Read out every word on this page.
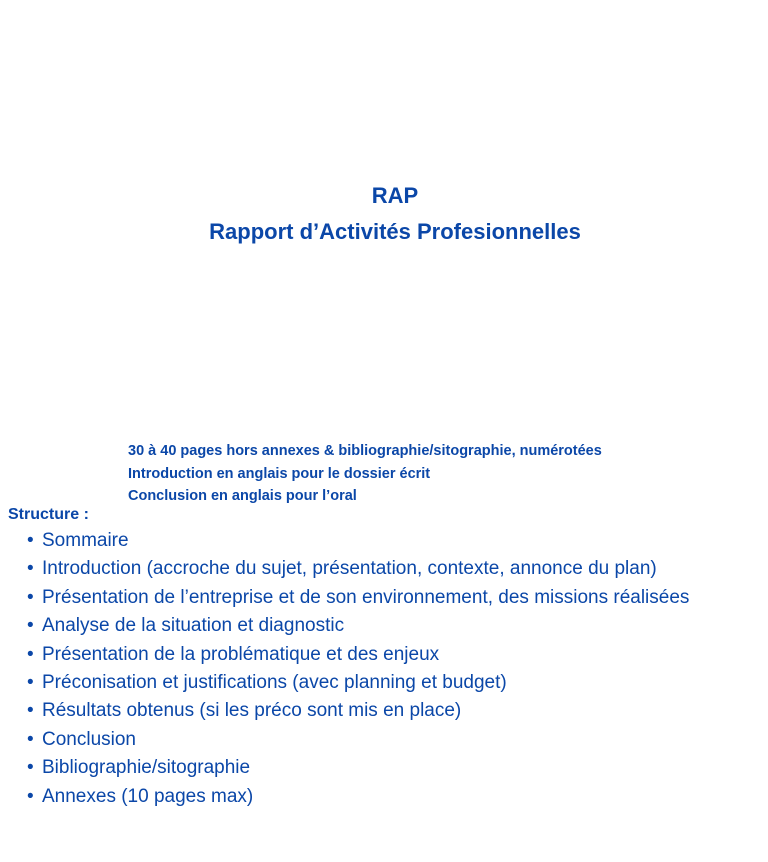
RAP
Rapport d’Activités Profesionnelles
30 à 40 pages hors annexes & bibliographie/sitographie, numérotées
Introduction en anglais pour le dossier écrit
Conclusion en anglais pour l’oral
Structure :
• Sommaire
• Introduction (accroche du sujet, présentation, contexte, annonce du plan)
• Présentation de l’entreprise et de son environnement, des missions réalisées
• Analyse de la situation et diagnostic
• Présentation de la problématique et des enjeux
• Préconisation et justifications (avec planning et budget)
• Résultats obtenus (si les préco sont mis en place)
• Conclusion
• Bibliographie/sitographie
• Annexes (10 pages max)
